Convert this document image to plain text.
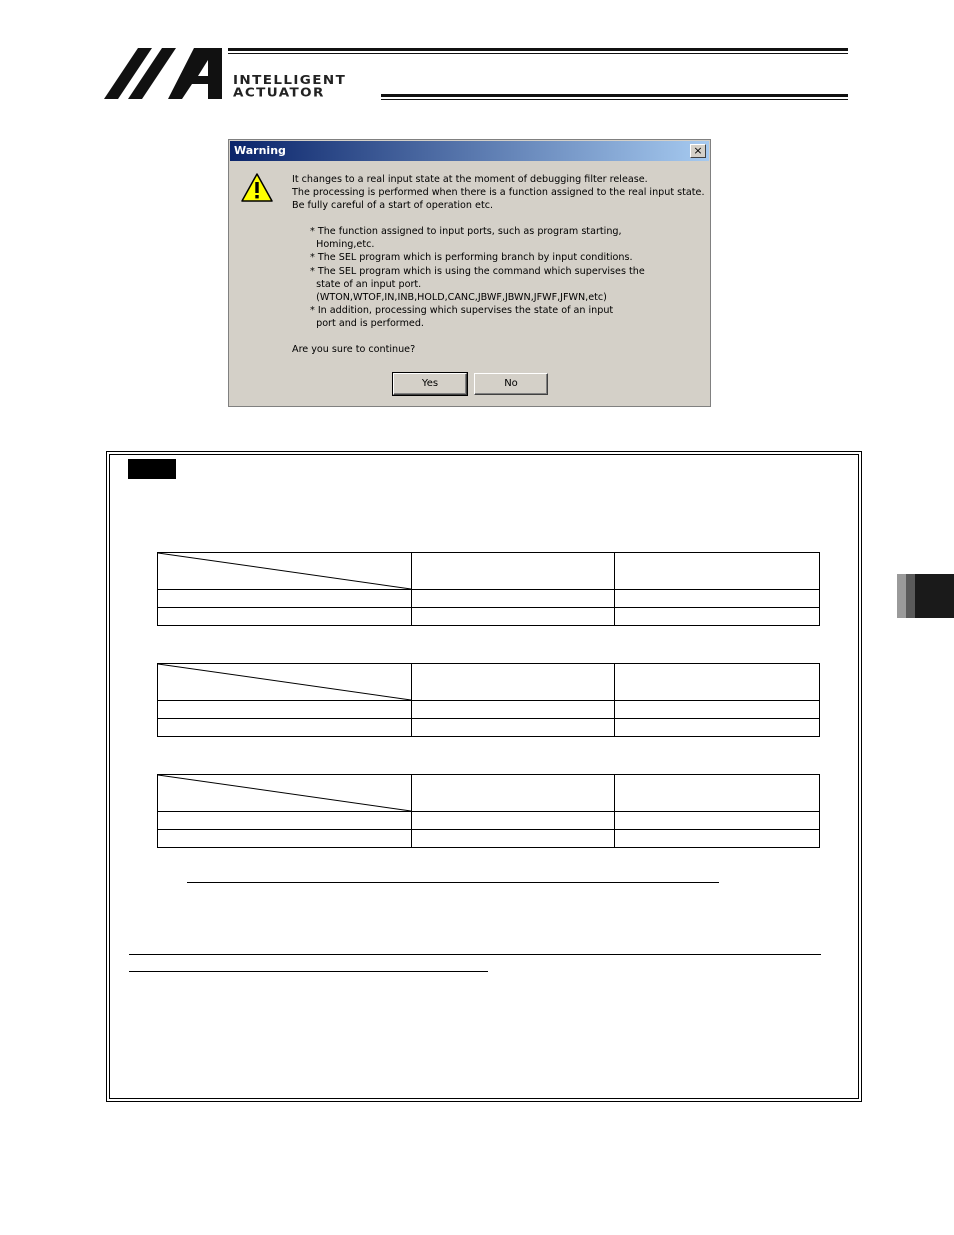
INTELLIGENT
ACTUATOR
Warning	×

It changes to a real input state at the moment of debugging filter release.

The processing is performed when there is a function assigned to the real input state.

Be fully careful of a start of operation etc.

* The function assigned to input ports, such as program starting,

Homing,etc.

* The SEL program which is performing branch by input conditions.

* The SEL program which is using the command which supervises the

state of an input port.

(WTON,WTOF,IN,INB,HOLD,CANC,JBWF,JBWN,JFWF,JFWN,etc)

* In addition, processing which supervises the state of an input

port and is performed.

Are you sure to continue?

Yes	No
